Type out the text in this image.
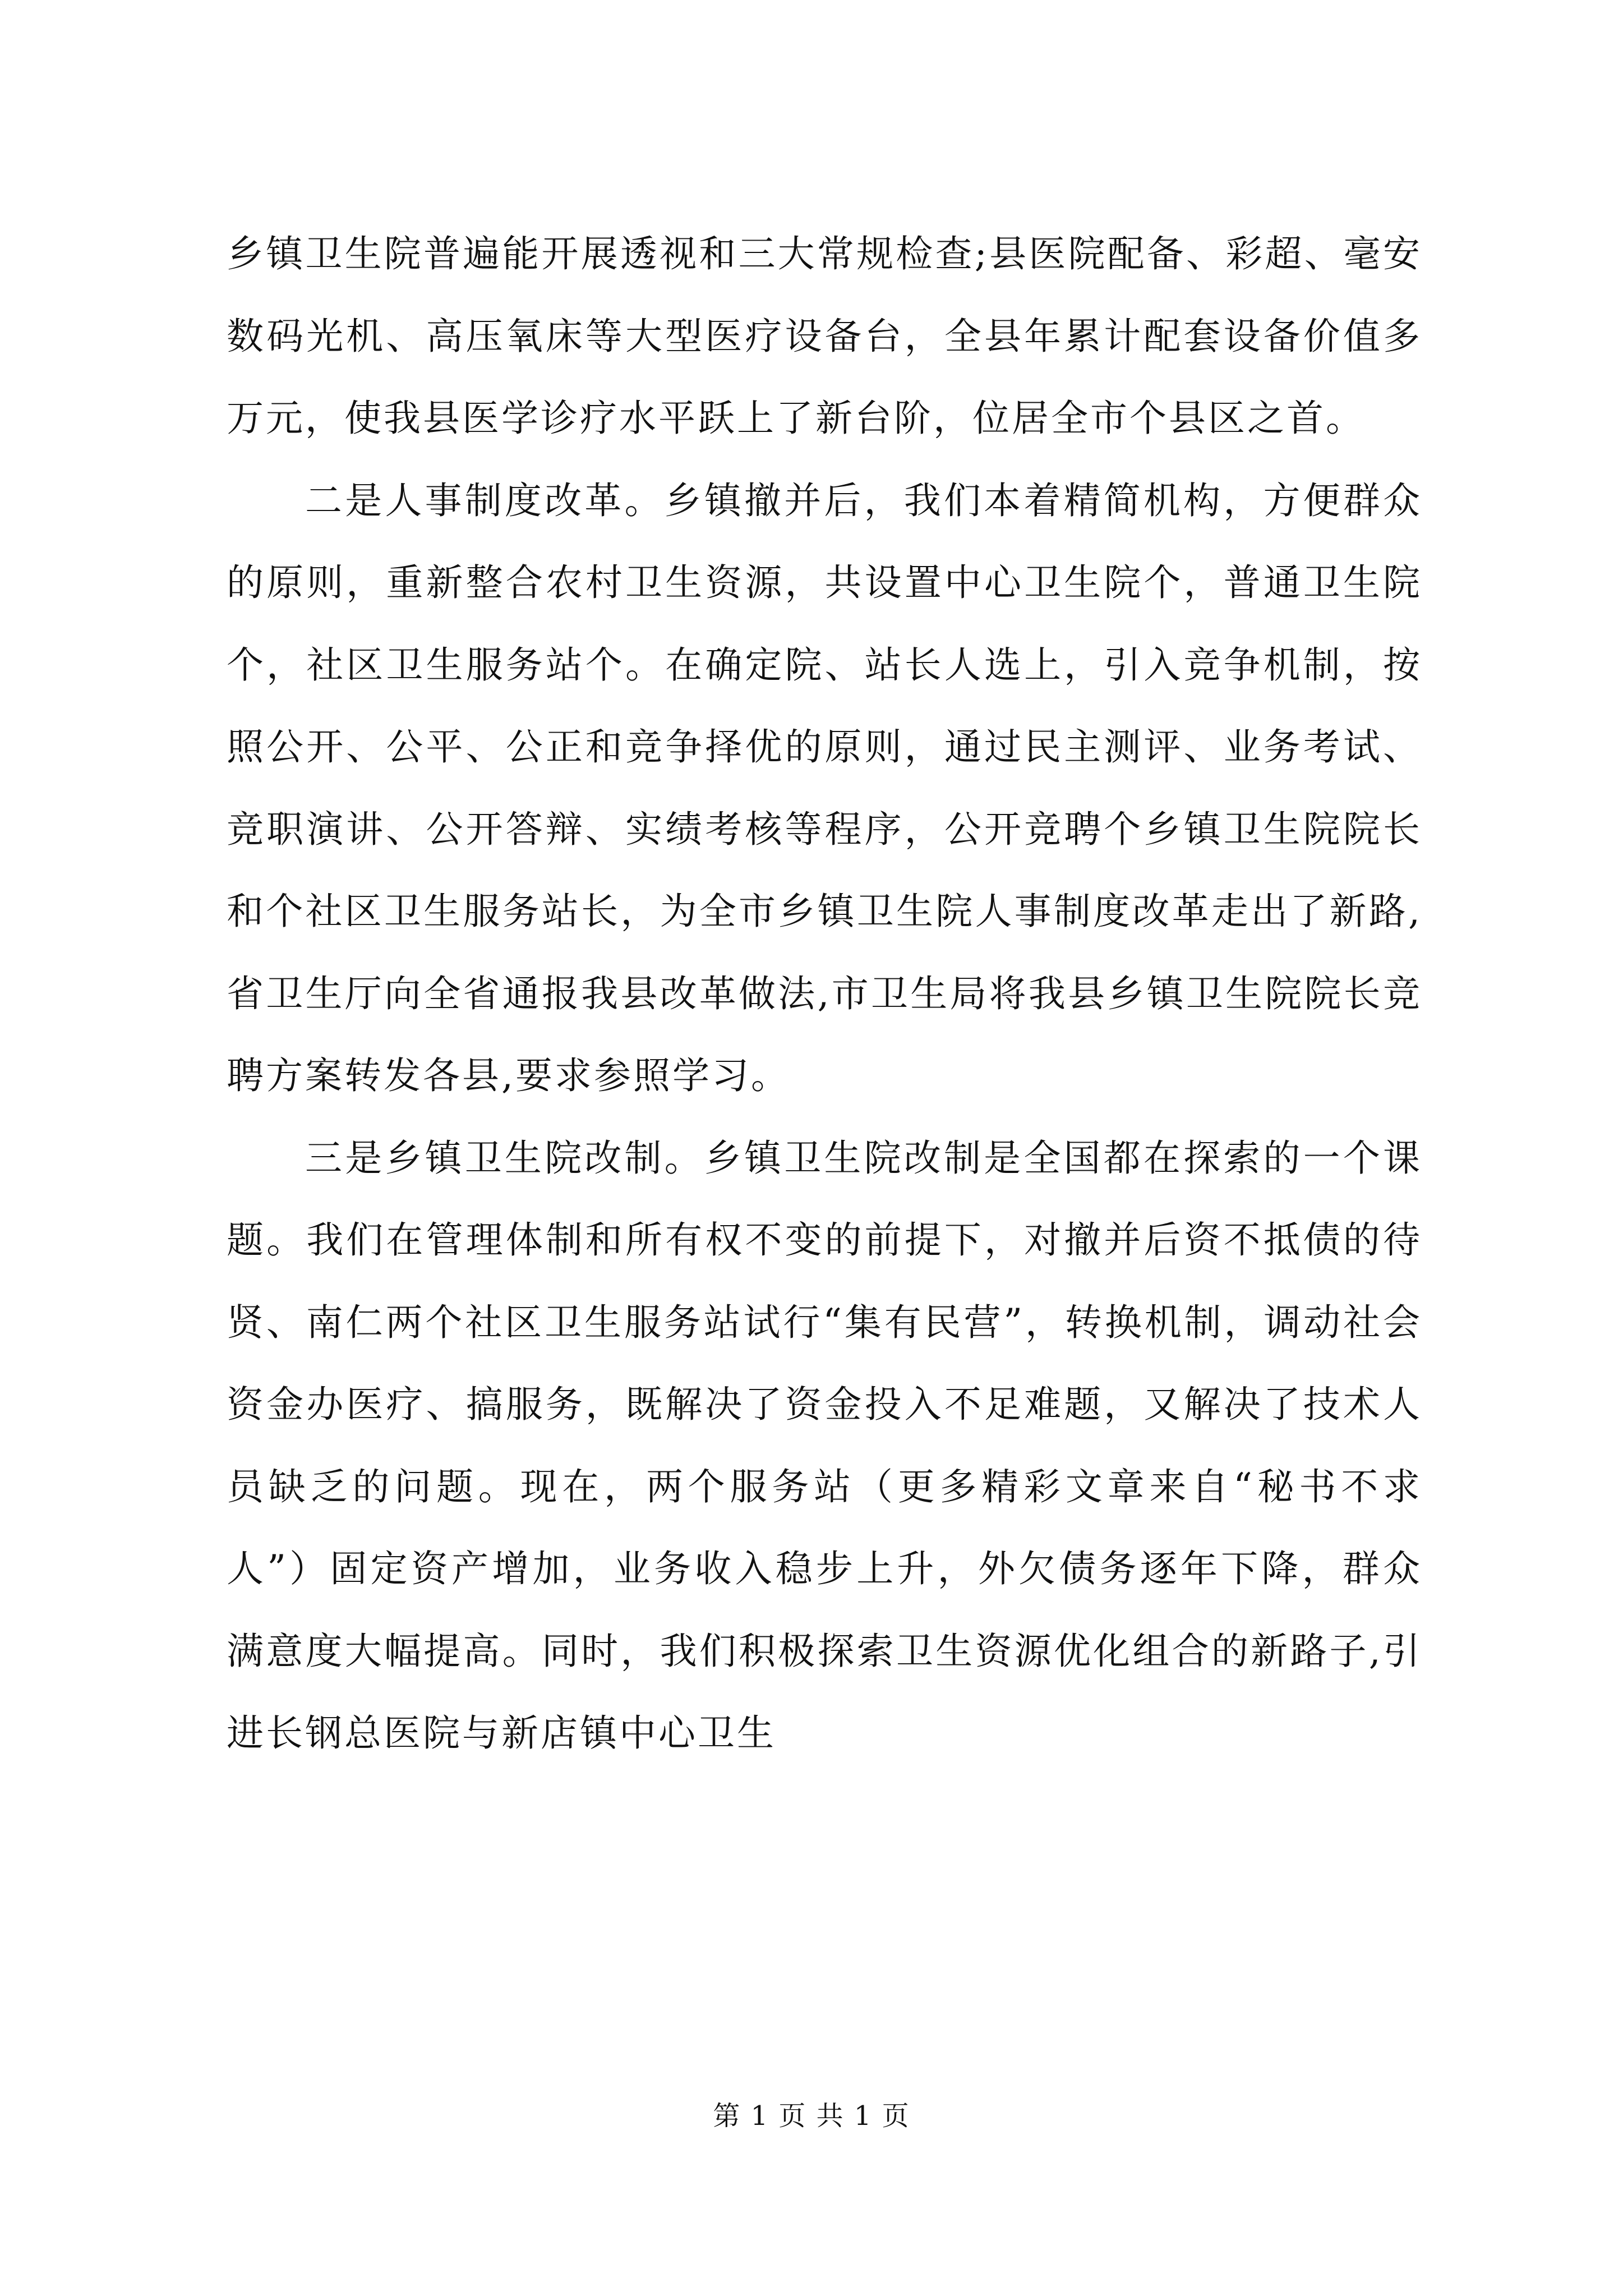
乡镇卫生院普遍能开展透视和三大常规检查;县医院配备、彩超、毫安数码光机、高压氧床等大型医疗设备台，全县年累计配套设备价值多万元，使我县医学诊疗水平跃上了新台阶，位居全市个县区之首。

二是人事制度改革。乡镇撤并后，我们本着精简机构，方便群众的原则，重新整合农村卫生资源，共设置中心卫生院个，普通卫生院个，社区卫生服务站个。在确定院、站长人选上，引入竞争机制，按照公开、公平、公正和竞争择优的原则，通过民主测评、业务考试、竞职演讲、公开答辩、实绩考核等程序，公开竞聘个乡镇卫生院院长和个社区卫生服务站长，为全市乡镇卫生院人事制度改革走出了新路,省卫生厅向全省通报我县改革做法,市卫生局将我县乡镇卫生院院长竞聘方案转发各县,要求参照学习。

三是乡镇卫生院改制。乡镇卫生院改制是全国都在探索的一个课题。我们在管理体制和所有权不变的前提下，对撤并后资不抵债的待贤、南仁两个社区卫生服务站试行“集有民营”，转换机制，调动社会资金办医疗、搞服务，既解决了资金投入不足难题，又解决了技术人员缺乏的问题。现在，两个服务站（更多精彩文章来自“秘书不求人”）固定资产增加，业务收入稳步上升，外欠债务逐年下降，群众满意度大幅提高。同时，我们积极探索卫生资源优化组合的新路子,引进长钢总医院与新店镇中心卫生

第 1 页 共 1 页
